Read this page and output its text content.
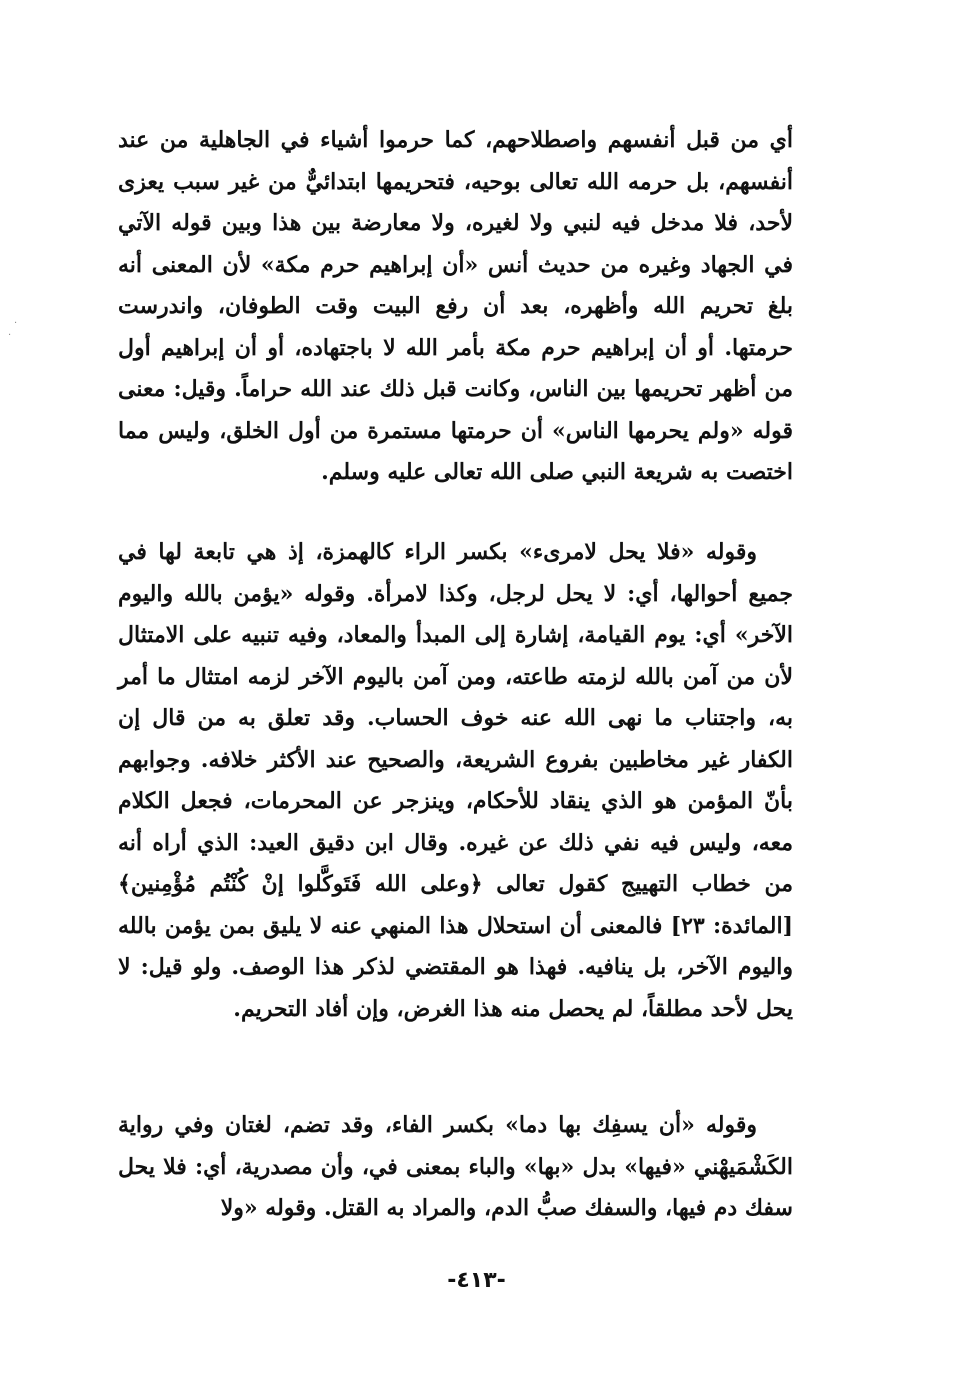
·
·

أي من قبل أنفسهم واصطلاحهم، كما حرموا أشياء في الجاهلية من عند أنفسهم، بل حرمه الله تعالى بوحيه، فتحريمها ابتدائيٌّ من غير سبب يعزى لأحد، فلا مدخل فيه لنبي ولا لغيره، ولا معارضة بين هذا وبين قوله الآتي في الجهاد وغيره من حديث أنس «أن إبراهيم حرم مكة» لأن المعنى أنه بلغ تحريم الله وأظهره، بعد أن رفع البيت وقت الطوفان، واندرست حرمتها. أو أن إبراهيم حرم مكة بأمر الله لا باجتهاده، أو أن إبراهيم أول من أظهر تحريمها بين الناس، وكانت قبل ذلك عند الله حراماً. وقيل: معنى قوله «ولم يحرمها الناس» أن حرمتها مستمرة من أول الخلق، وليس مما اختصت به شريعة النبي صلى الله تعالى عليه وسلم.

وقوله «فلا يحل لامرىء» بكسر الراء كالهمزة، إذ هي تابعة لها في جميع أحوالها، أي: لا يحل لرجل، وكذا لامرأة. وقوله «يؤمن بالله واليوم الآخر» أي: يوم القيامة، إشارة إلى المبدأ والمعاد، وفيه تنبيه على الامتثال لأن من آمن بالله لزمته طاعته، ومن آمن باليوم الآخر لزمه امتثال ما أمر به، واجتناب ما نهى الله عنه خوف الحساب. وقد تعلق به من قال إن الكفار غير مخاطبين بفروع الشريعة، والصحيح عند الأكثر خلافه. وجوابهم بأنّ المؤمن هو الذي ينقاد للأحكام، وينزجر عن المحرمات، فجعل الكلام معه، وليس فيه نفي ذلك عن غيره. وقال ابن دقيق العيد: الذي أراه أنه من خطاب التهييج كقول تعالى ﴿وعلى الله فَتَوكَّلوا إنْ كُنْتُم مُؤْمِنين﴾ [المائدة: ٢٣] فالمعنى أن استحلال هذا المنهي عنه لا يليق بمن يؤمن بالله واليوم الآخر، بل ينافيه. فهذا هو المقتضي لذكر هذا الوصف. ولو قيل: لا يحل لأحد مطلقاً، لم يحصل منه هذا الغرض، وإن أفاد التحريم.

وقوله «أن يسفِك بها دما» بكسر الفاء، وقد تضم، لغتان وفي رواية الكَشْمَيهْني «فيها» بدل «بها» والباء بمعنى في، وأن مصدرية، أي: فلا يحل سفك دم فيها، والسفك صبُّ الدم، والمراد به القتل. وقوله «ولا

-٤١٣-
